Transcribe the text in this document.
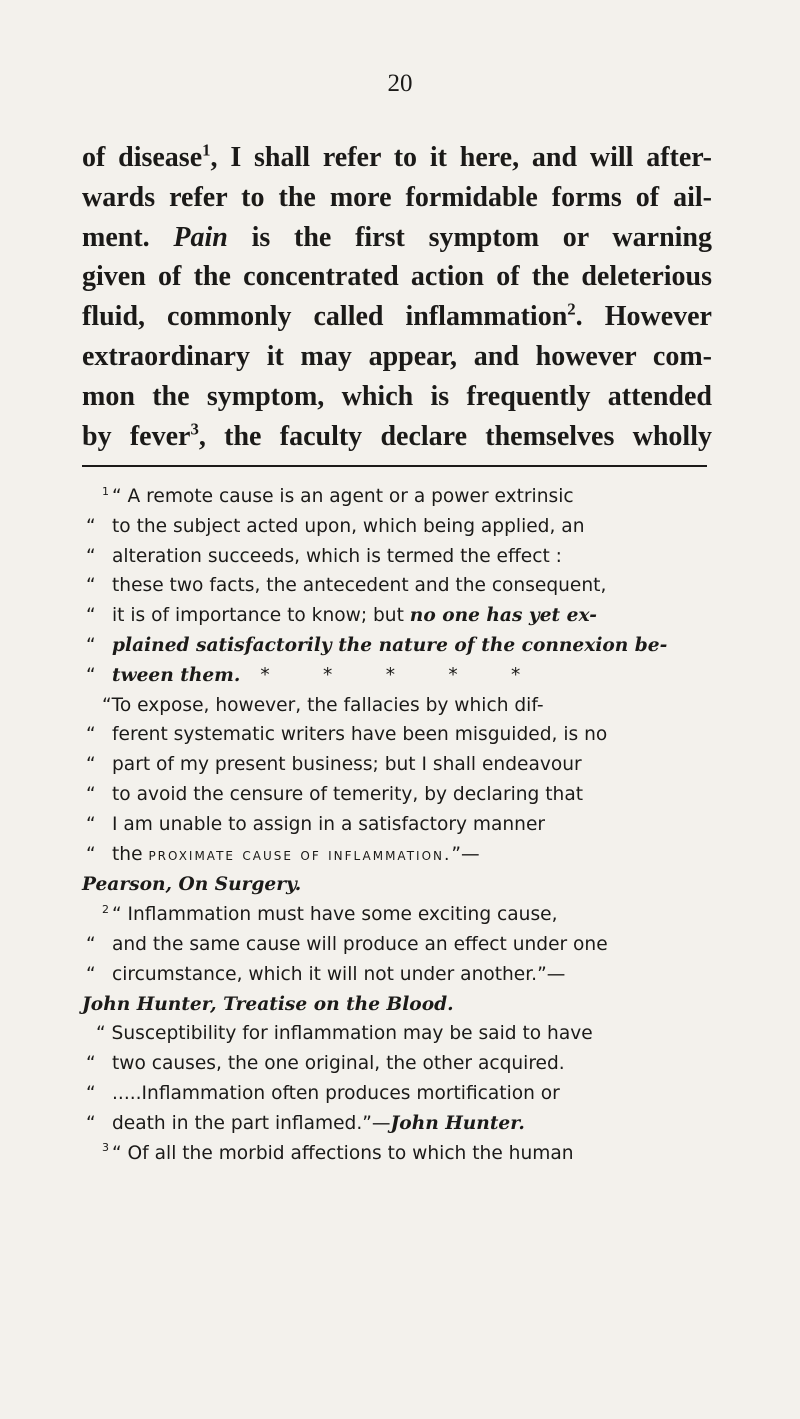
20
of disease$^1$, I shall refer to it here, and will after-
wards refer to the more formidable forms of ail-
ment. Pain is the first symptom or warning
given of the concentrated action of the deleterious
fluid, commonly called inflammation$^2$. However
extraordinary it may appear, and however com-
mon the symptom, which is frequently attended
by fever$^3$, the faculty declare themselves wholly
$^1$ “ A remote cause is an agent or a power extrinsic
“ to the subject acted upon, which being applied, an
“ alteration succeeds, which is termed the effect :
“ these two facts, the antecedent and the consequent,
“ it is of importance to know; but no one has yet ex-
“ plained satisfactorily the nature of the connexion be-
“ tween them. *	*	*	*	*
“To expose, however, the fallacies by which dif-
“ ferent systematic writers have been misguided, is no
“ part of my present business; but I shall endeavour
“ to avoid the censure of temerity, by declaring that
“ I am unable to assign in a satisfactory manner
“ the proximate cause of inflammation.”—
Pearson, On Surgery.
$^2$ “ Inflammation must have some exciting cause,
“ and the same cause will produce an effect under one
“ circumstance, which it will not under another.”—
John Hunter, Treatise on the Blood.
“ Susceptibility for inflammation may be said to have
“ two causes, the one original, the other acquired.
“ .....Inflammation often produces mortification or
“ death in the part inflamed.”—John Hunter.
$^3$ “ Of all the morbid affections to which the human
